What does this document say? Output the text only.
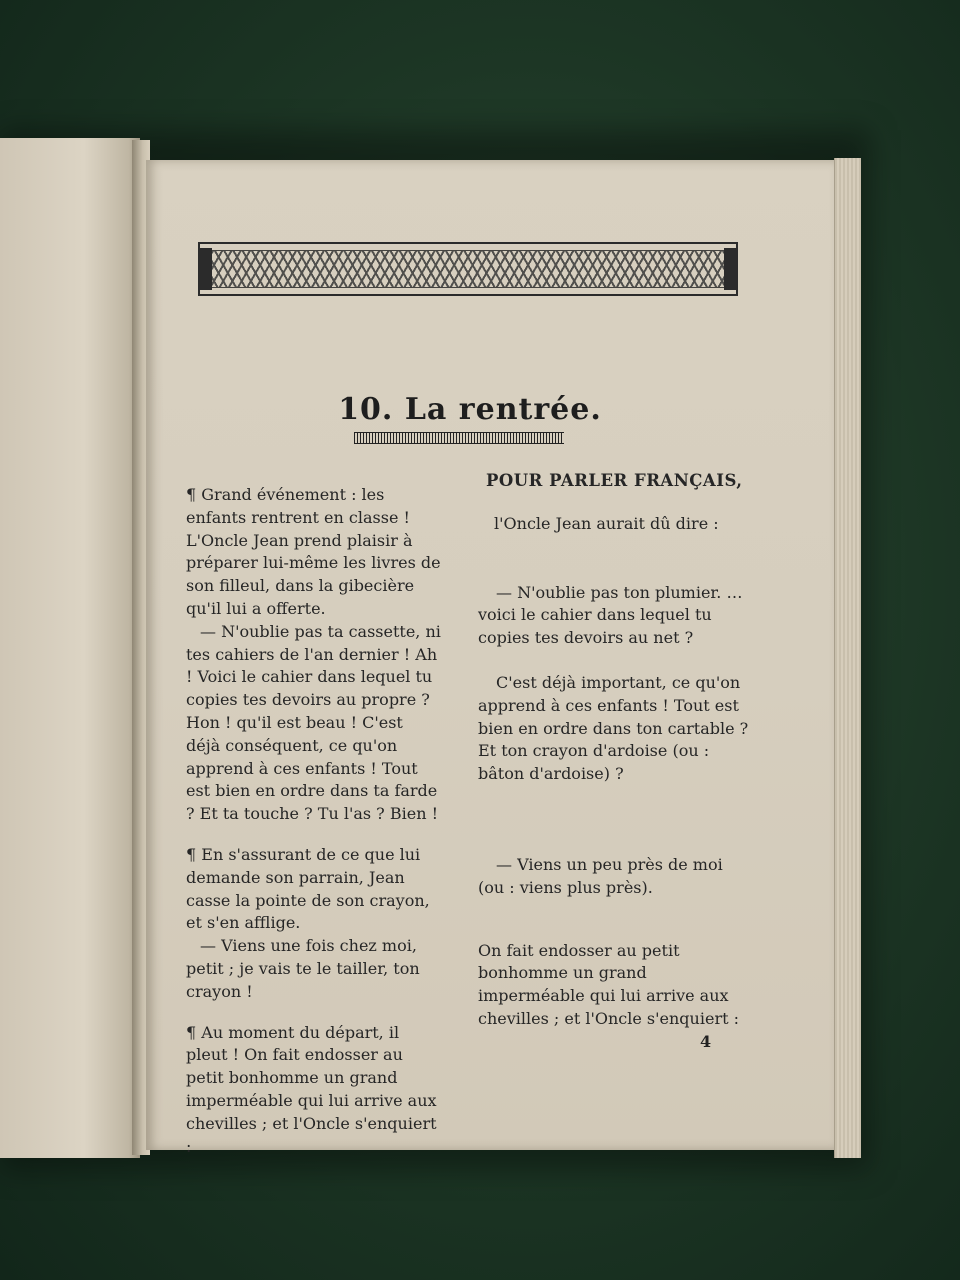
10. La rentrée.

¶ Grand événement : les enfants rentrent en classe ! L'Oncle Jean prend plaisir à préparer lui-même les livres de son filleul, dans la gibecière qu'il lui a offerte.

— N'oublie pas ta cassette, ni tes cahiers de l'an dernier ! Ah ! Voici le cahier dans lequel tu copies tes devoirs au propre ? Hon ! qu'il est beau ! C'est déjà conséquent, ce qu'on apprend à ces enfants ! Tout est bien en ordre dans ta farde ? Et ta touche ? Tu l'as ? Bien !

¶ En s'assurant de ce que lui demande son parrain, Jean casse la pointe de son crayon, et s'en afflige.

— Viens une fois chez moi, petit ; je vais te le tailler, ton crayon !

¶ Au moment du départ, il pleut ! On fait endosser au petit bonhomme un grand imperméable qui lui arrive aux chevilles ; et l'Oncle s'enquiert :

POUR PARLER FRANÇAIS,

l'Oncle Jean aurait dû dire :

— N'oublie pas ton plumier. …voici le cahier dans lequel tu copies tes devoirs au net ?

C'est déjà important, ce qu'on apprend à ces enfants ! Tout est bien en ordre dans ton cartable ? Et ton crayon d'ardoise (ou : bâton d'ardoise) ?

— Viens un peu près de moi (ou : viens plus près).

On fait endosser au petit bonhomme un grand imperméable qui lui arrive aux chevilles ; et l'Oncle s'enquiert :

4
